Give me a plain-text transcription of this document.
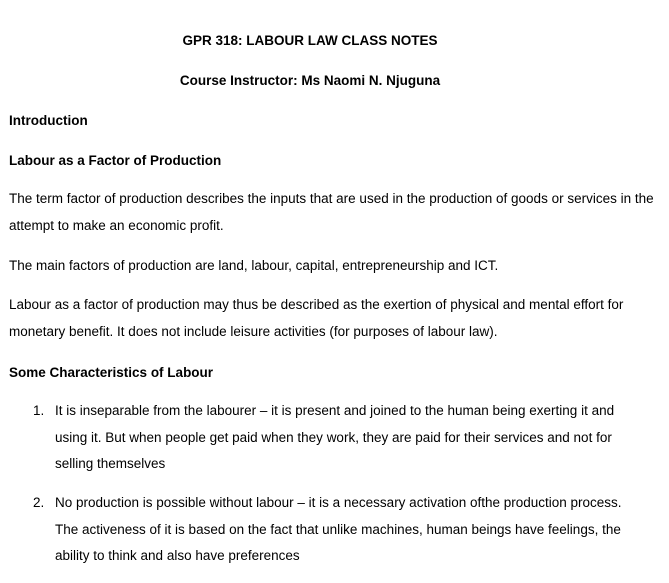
GPR 318: LABOUR LAW CLASS NOTES
Course Instructor: Ms Naomi N. Njuguna
Introduction
Labour as a Factor of Production
The term factor of production describes the inputs that are used in the production of goods or services in the attempt to make an economic profit.
The main factors of production are land, labour, capital, entrepreneurship and ICT.
Labour as a factor of production may thus be described as the exertion of physical and mental effort for monetary benefit. It does not include leisure activities (for purposes of labour law).
Some Characteristics of Labour
1. It is inseparable from the labourer – it is present and joined to the human being exerting it and using it. But when people get paid when they work, they are paid for their services and not for selling themselves
2. No production is possible without labour – it is a necessary activation ofthe production process. The activeness of it is based on the fact that unlike machines, human beings have feelings, the ability to think and also have preferences
